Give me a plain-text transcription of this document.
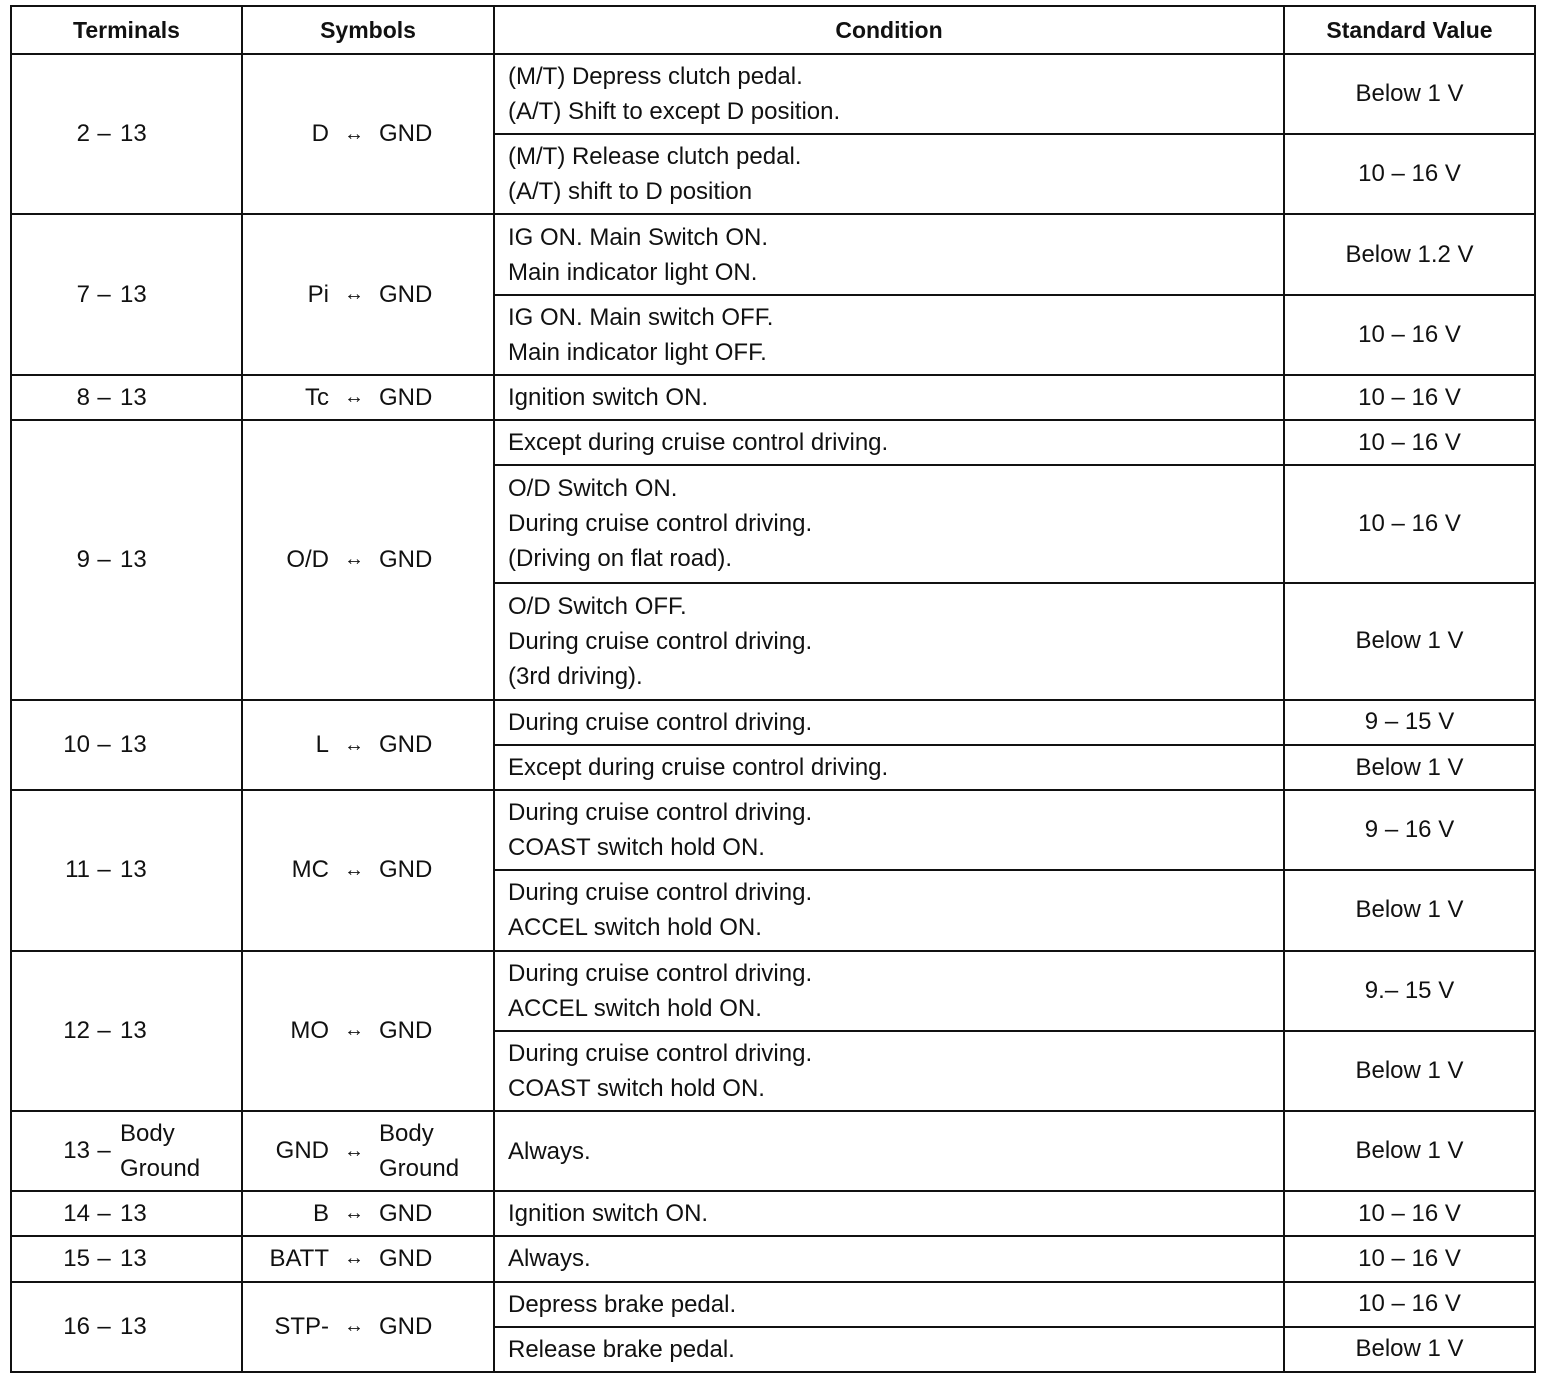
Terminals	Symbols	Condition	Standard Value

2 – 13	D ↔ GND	(M/T) Depress clutch pedal.
(A/T) Shift to except D position.	Below 1 V

		(M/T) Release clutch pedal.
(A/T) shift to D position	10 – 16 V

7 – 13	Pi ↔ GND	IG ON. Main Switch ON.
Main indicator light ON.	Below 1.2 V

		IG ON. Main switch OFF.
Main indicator light OFF.	10 – 16 V

8 – 13	Tc ↔ GND	Ignition switch ON.	10 – 16 V

9 – 13	O/D ↔ GND	Except during cruise control driving.	10 – 16 V

		O/D Switch ON.
During cruise control driving.
(Driving on flat road).	10 – 16 V

		O/D Switch OFF.
During cruise control driving.
(3rd driving).	Below 1 V

10 – 13	L ↔ GND	During cruise control driving.	9 – 15 V

		Except during cruise control driving.	Below 1 V

11 – 13	MC ↔ GND	During cruise control driving.
COAST switch hold ON.	9 – 16 V

		During cruise control driving.
ACCEL switch hold ON.	Below 1 V

12 – 13	MO ↔ GND	During cruise control driving.
ACCEL switch hold ON.	9.– 15 V

		During cruise control driving.
COAST switch hold ON.	Below 1 V

13 –
Body
Ground	GND ↔
Body
Ground	Always.	Below 1 V

14 – 13	B ↔ GND	Ignition switch ON.	10 – 16 V

15 – 13	BATT ↔ GND	Always.	10 – 16 V

16 – 13	STP- ↔ GND	Depress brake pedal.	10 – 16 V

		Release brake pedal.	Below 1 V
